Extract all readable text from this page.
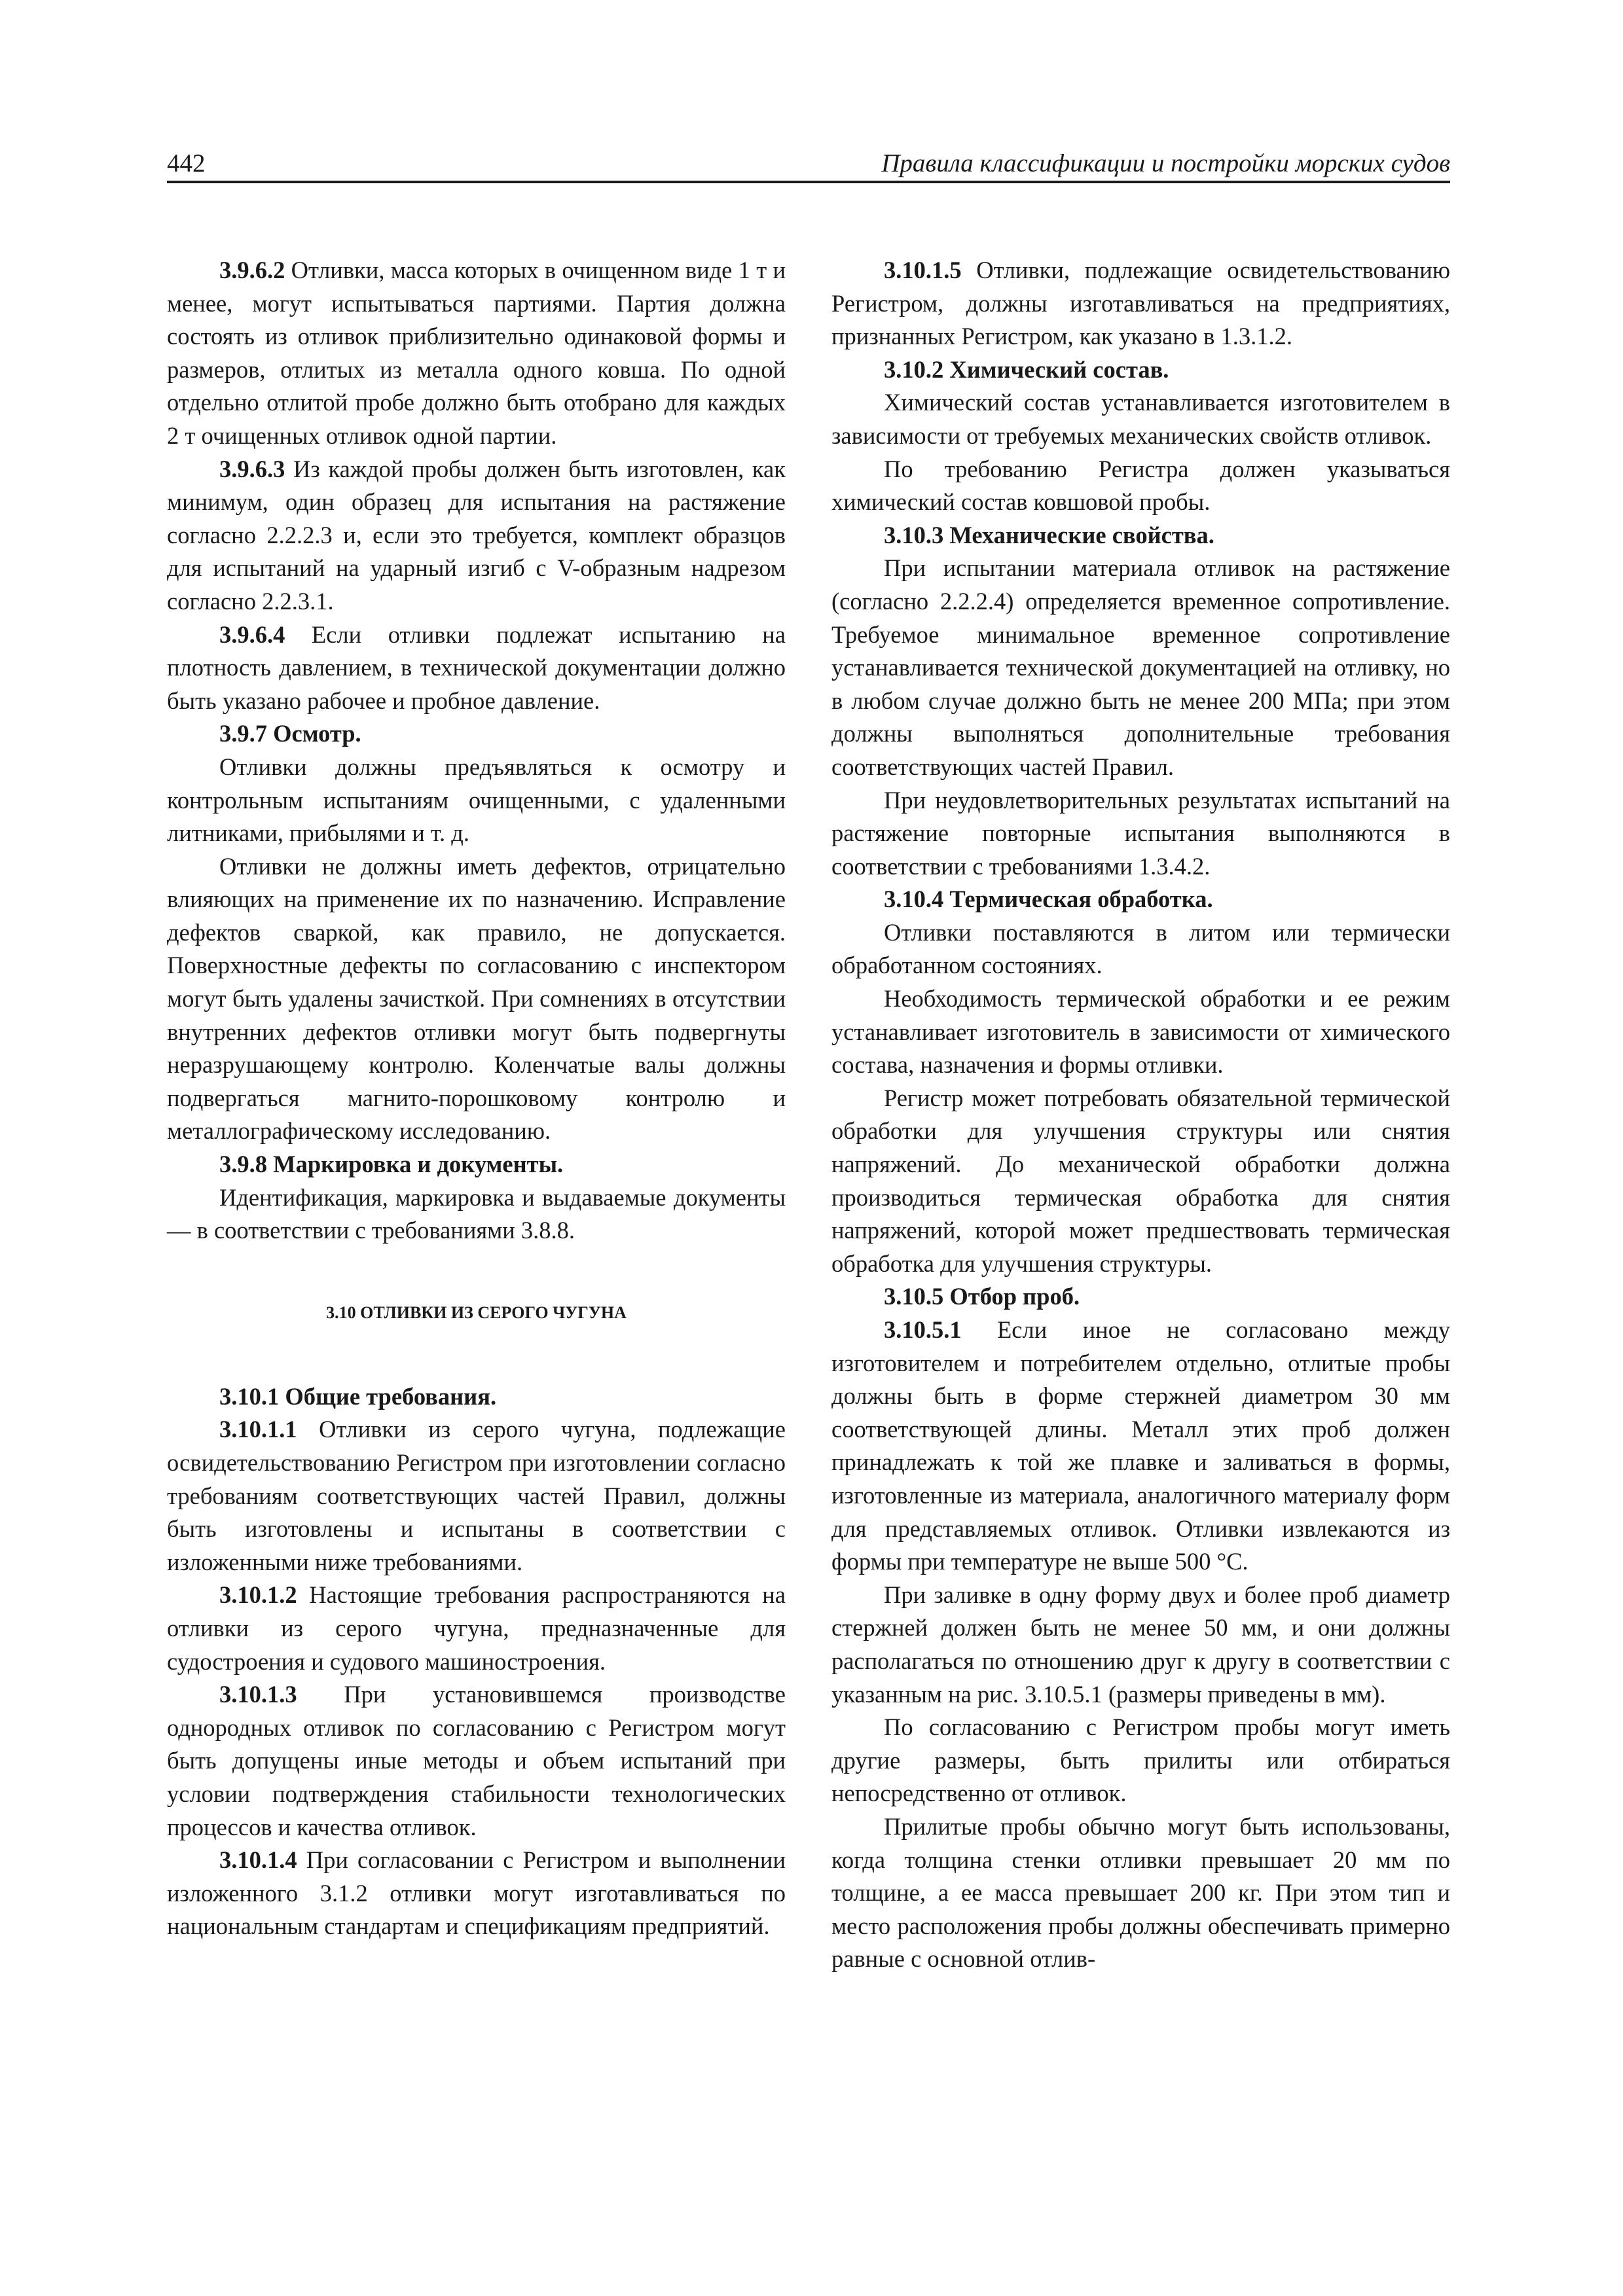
442	Правила классификации и постройки морских судов

3.9.6.2 Отливки, масса которых в очищенном виде 1 т и менее, могут испытываться партиями. Партия должна состоять из отливок приблизительно одинаковой формы и размеров, отлитых из металла одного ковша. По одной отдельно отлитой пробе должно быть отобрано для каждых 2 т очищенных отливок одной партии.

3.9.6.3 Из каждой пробы должен быть изготовлен, как минимум, один образец для испытания на растяжение согласно 2.2.2.3 и, если это требуется, комплект образцов для испытаний на ударный изгиб с V-образным надрезом согласно 2.2.3.1.

3.9.6.4 Если отливки подлежат испытанию на плотность давлением, в технической документации должно быть указано рабочее и пробное давление.

3.9.7 Осмотр.

Отливки должны предъявляться к осмотру и контрольным испытаниям очищенными, с удаленными литниками, прибылями и т. д.

Отливки не должны иметь дефектов, отрицательно влияющих на применение их по назначению. Исправление дефектов сваркой, как правило, не допускается. Поверхностные дефекты по согласованию с инспектором могут быть удалены зачисткой. При сомнениях в отсутствии внутренних дефектов отливки могут быть подвергнуты неразрушающему контролю. Коленчатые валы должны подвергаться магнито-порошковому контролю и металлографическому исследованию.

3.9.8 Маркировка и документы.

Идентификация, маркировка и выдаваемые документы — в соответствии с требованиями 3.8.8.

3.10 ОТЛИВКИ ИЗ СЕРОГО ЧУГУНА

3.10.1 Общие требования.

3.10.1.1 Отливки из серого чугуна, подлежащие освидетельствованию Регистром при изготовлении согласно требованиям соответствующих частей Правил, должны быть изготовлены и испытаны в соответствии с изложенными ниже требованиями.

3.10.1.2 Настоящие требования распространяются на отливки из серого чугуна, предназначенные для судостроения и судового машиностроения.

3.10.1.3 При установившемся производстве однородных отливок по согласованию с Регистром могут быть допущены иные методы и объем испытаний при условии подтверждения стабильности технологических процессов и качества отливок.

3.10.1.4 При согласовании с Регистром и выполнении изложенного 3.1.2 отливки могут изготавливаться по национальным стандартам и спецификациям предприятий.

3.10.1.5 Отливки, подлежащие освидетельствованию Регистром, должны изготавливаться на предприятиях, признанных Регистром, как указано в 1.3.1.2.

3.10.2 Химический состав.

Химический состав устанавливается изготовителем в зависимости от требуемых механических свойств отливок.

По требованию Регистра должен указываться химический состав ковшовой пробы.

3.10.3 Механические свойства.

При испытании материала отливок на растяжение (согласно 2.2.2.4) определяется временное сопротивление. Требуемое минимальное временное сопротивление устанавливается технической документацией на отливку, но в любом случае должно быть не менее 200 МПа; при этом должны выполняться дополнительные требования соответствующих частей Правил.

При неудовлетворительных результатах испытаний на растяжение повторные испытания выполняются в соответствии с требованиями 1.3.4.2.

3.10.4 Термическая обработка.

Отливки поставляются в литом или термически обработанном состояниях.

Необходимость термической обработки и ее режим устанавливает изготовитель в зависимости от химического состава, назначения и формы отливки.

Регистр может потребовать обязательной термической обработки для улучшения структуры или снятия напряжений. До механической обработки должна производиться термическая обработка для снятия напряжений, которой может предшествовать термическая обработка для улучшения структуры.

3.10.5 Отбор проб.

3.10.5.1 Если иное не согласовано между изготовителем и потребителем отдельно, отлитые пробы должны быть в форме стержней диаметром 30 мм соответствующей длины. Металл этих проб должен принадлежать к той же плавке и заливаться в формы, изготовленные из материала, аналогичного материалу форм для представляемых отливок. Отливки извлекаются из формы при температуре не выше 500 °С.

При заливке в одну форму двух и более проб диаметр стержней должен быть не менее 50 мм, и они должны располагаться по отношению друг к другу в соответствии с указанным на рис. 3.10.5.1 (размеры приведены в мм).

По согласованию с Регистром пробы могут иметь другие размеры, быть прилиты или отбираться непосредственно от отливок.

Прилитые пробы обычно могут быть использованы, когда толщина стенки отливки превышает 20 мм по толщине, а ее масса превышает 200 кг. При этом тип и место расположения пробы должны обеспечивать примерно равные с основной отлив-
